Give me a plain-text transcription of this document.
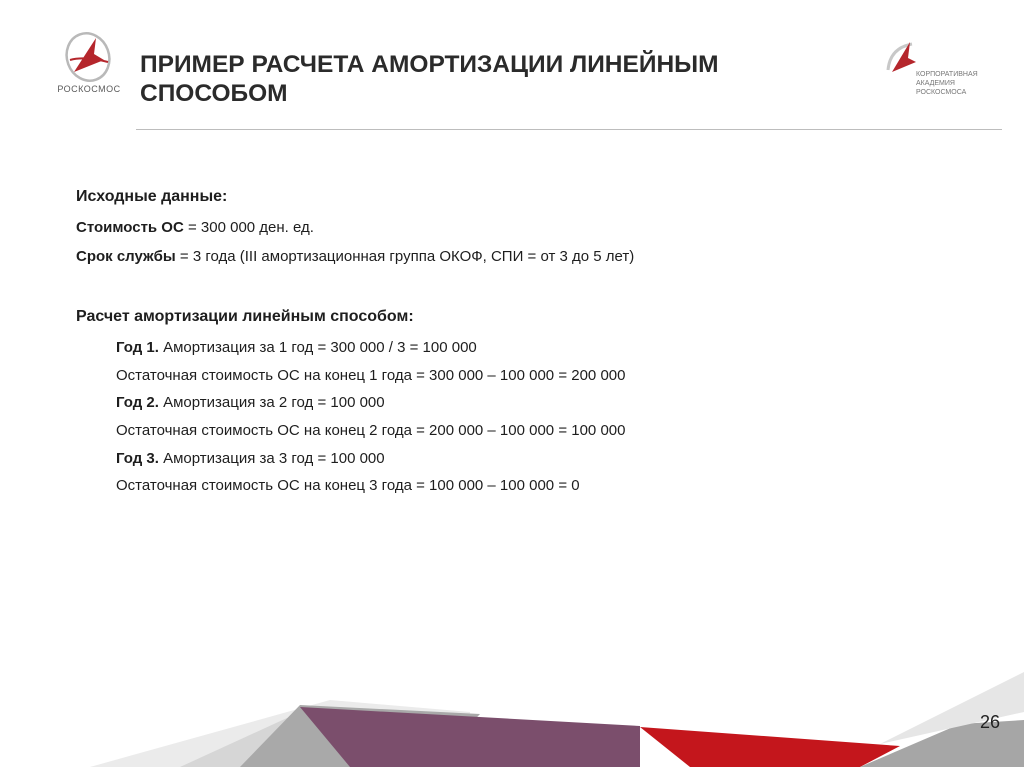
РОСКОСМОС
ПРИМЕР РАСЧЕТА АМОРТИЗАЦИИ ЛИНЕЙНЫМ СПОСОБОМ
КОРПОРАТИВНАЯ
АКАДЕМИЯ
РОСКОСМОСА
Исходные данные:
Стоимость ОС = 300 000 ден. ед.
Срок службы = 3 года (III амортизационная группа ОКОФ, СПИ = от 3 до 5 лет)
Расчет амортизации линейным способом:
Год 1. Амортизация за 1 год = 300 000 / 3 = 100 000
Остаточная стоимость ОС на конец 1 года = 300 000 – 100 000 = 200 000
Год 2. Амортизация за 2 год = 100 000
Остаточная стоимость ОС на конец 2 года = 200 000 – 100 000 = 100 000
Год 3. Амортизация за 3 год = 100 000
Остаточная стоимость ОС на конец 3 года = 100 000 – 100 000 = 0
26
